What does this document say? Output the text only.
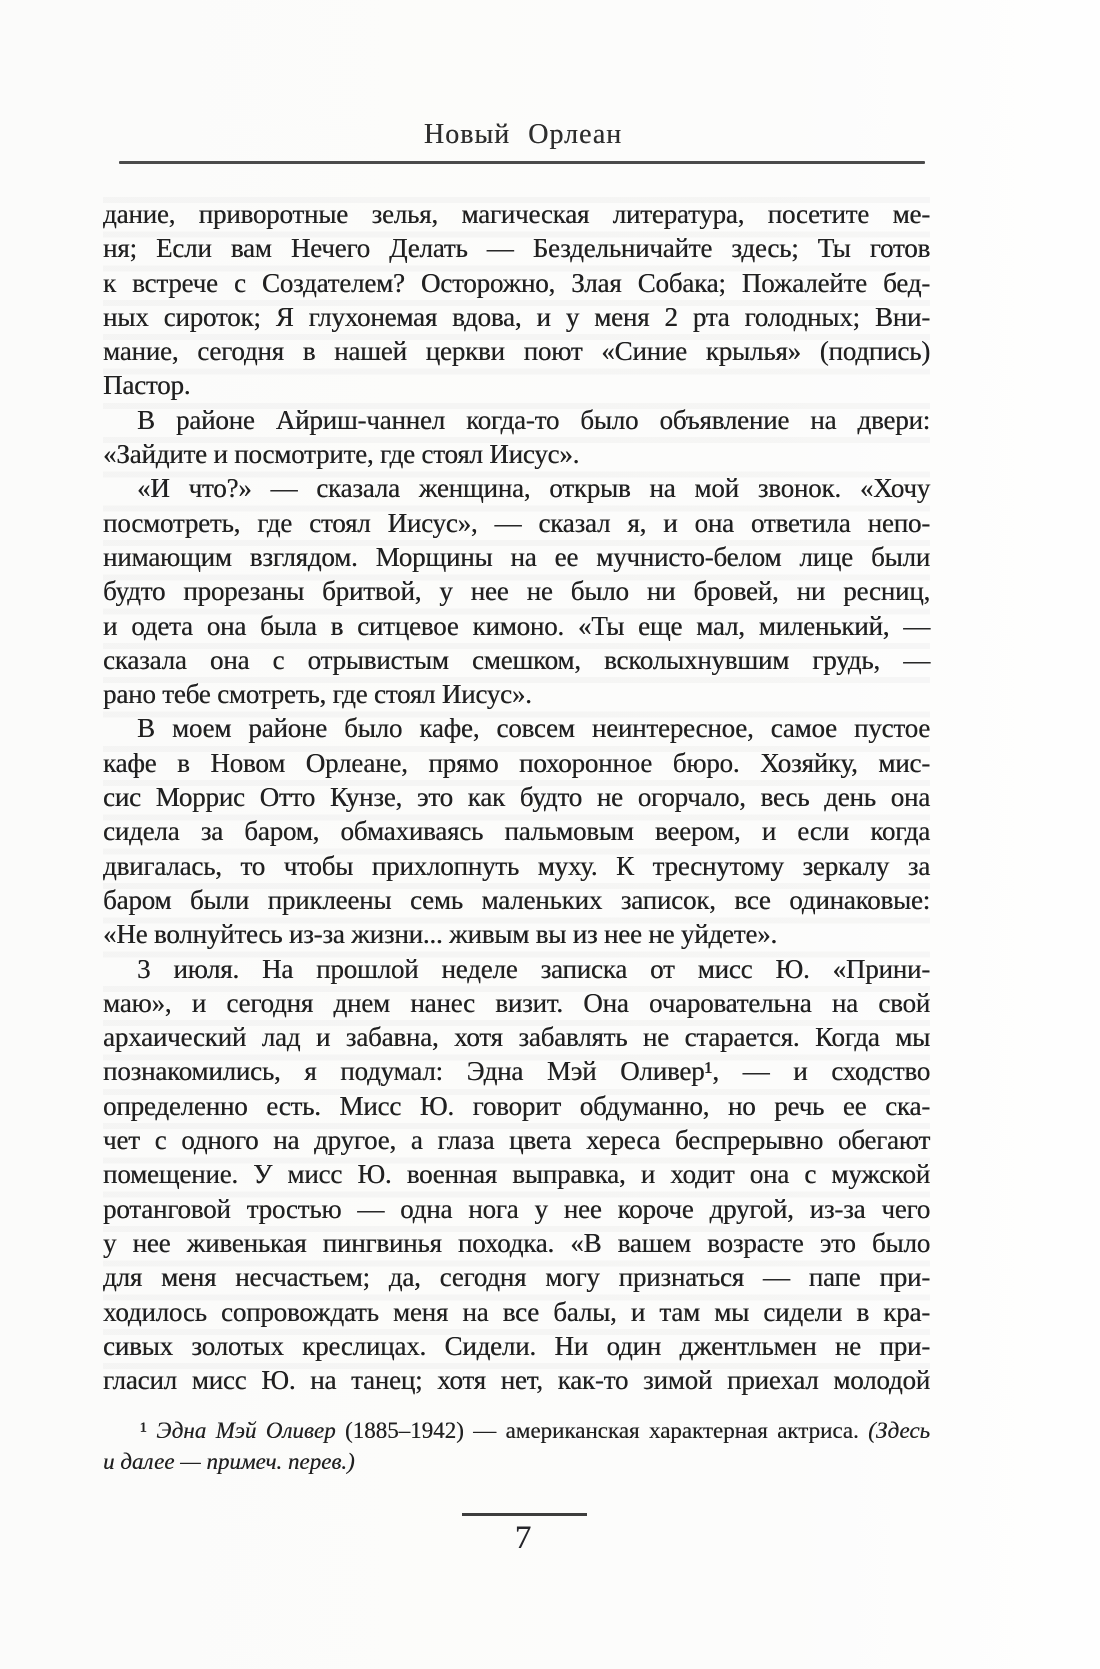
Новый Орлеан
дание, приворотные зелья, магическая литература, посетите ме-
ня; Если вам Нечего Делать — Бездельничайте здесь; Ты готов
к встрече с Создателем? Осторожно, Злая Собака; Пожалейте бед-
ных сироток; Я глухонемая вдова, и у меня 2 рта голодных; Вни-
мание, сегодня в нашей церкви поют «Синие крылья» (подпись)
Пастор.
В районе Айриш-чаннел когда-то было объявление на двери:
«Зайдите и посмотрите, где стоял Иисус».
«И что?» — сказала женщина, открыв на мой звонок. «Хочу
посмотреть, где стоял Иисус», — сказал я, и она ответила непо-
нимающим взглядом. Морщины на ее мучнисто-белом лице были
будто прорезаны бритвой, у нее не было ни бровей, ни ресниц,
и одета она была в ситцевое кимоно. «Ты еще мал, миленький, —
сказала она с отрывистым смешком, всколыхнувшим грудь, —
рано тебе смотреть, где стоял Иисус».
В моем районе было кафе, совсем неинтересное, самое пустое
кафе в Новом Орлеане, прямо похоронное бюро. Хозяйку, мис-
сис Моррис Отто Кунзе, это как будто не огорчало, весь день она
сидела за баром, обмахиваясь пальмовым веером, и если когда
двигалась, то чтобы прихлопнуть муху. К треснутому зеркалу за
баром были приклеены семь маленьких записок, все одинаковые:
«Не волнуйтесь из-за жизни... живым вы из нее не уйдете».
3 июля. На прошлой неделе записка от мисс Ю. «Прини-
маю», и сегодня днем нанес визит. Она очаровательна на свой
архаический лад и забавна, хотя забавлять не старается. Когда мы
познакомились, я подумал: Эдна Мэй Оливер¹, — и сходство
определенно есть. Мисс Ю. говорит обдуманно, но речь ее ска-
чет с одного на другое, а глаза цвета хереса беспрерывно обегают
помещение. У мисс Ю. военная выправка, и ходит она с мужской
ротанговой тростью — одна нога у нее короче другой, из-за чего
у нее живенькая пингвинья походка. «В вашем возрасте это было
для меня несчастьем; да, сегодня могу признаться — папе при-
ходилось сопровождать меня на все балы, и там мы сидели в кра-
сивых золотых креслицах. Сидели. Ни один джентльмен не при-
гласил мисс Ю. на танец; хотя нет, как-то зимой приехал молодой
¹ Эдна Мэй Оливер (1885–1942) — американская характерная актриса. (Здесь
и далее — примеч. перев.)
7
